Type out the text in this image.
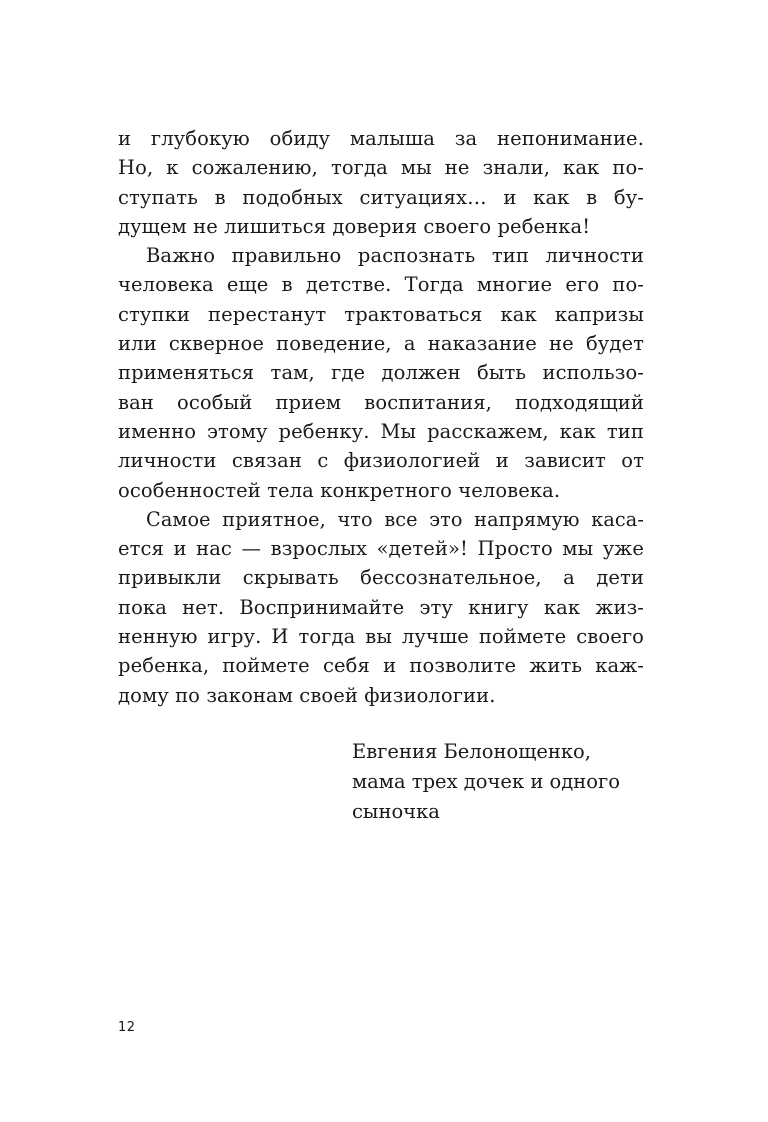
и глубокую обиду малыша за непонимание.
Но, к сожалению, тогда мы не знали, как по-
ступать в подобных ситуациях… и как в бу-
дущем не лишиться доверия своего ребенка!
Важно правильно распознать тип личности
человека еще в детстве. Тогда многие его по-
ступки перестанут трактоваться как капризы
или скверное поведение, а наказание не будет
применяться там, где должен быть использо-
ван особый прием воспитания, подходящий
именно этому ребенку. Мы расскажем, как тип
личности связан с физиологией и зависит от
особенностей тела конкретного человека.
Самое приятное, что все это напрямую каса-
ется и нас — взрослых «детей»! Просто мы уже
привыкли скрывать бессознательное, а дети
пока нет. Воспринимайте эту книгу как жиз-
ненную игру. И тогда вы лучше поймете своего
ребенка, поймете себя и позволите жить каж-
дому по законам своей физиологии.
Евгения Белонощенко,
мама трех дочек и одного
сыночка
12
